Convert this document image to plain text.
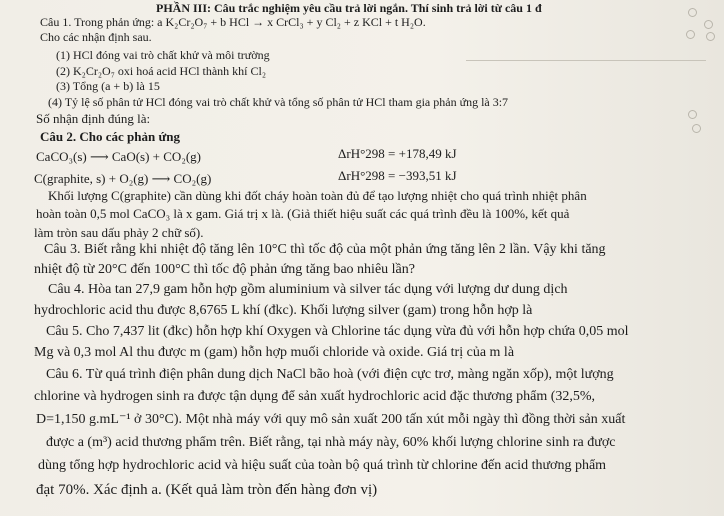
PHẦN III: Câu trắc nghiệm yêu cầu trả lời ngắn. Thí sinh trả lời từ câu 1 đ
Câu 1. Trong phản ứng: a K₂Cr₂O₇ + b HCl → x CrCl₃ + y Cl₂ + z KCl + t H₂O.
Cho các nhận định sau.
(1) HCl đóng vai trò chất khử và môi trường
(2) K₂Cr₂O₇ oxi hoá acid HCl thành khí Cl₂
(3) Tổng (a + b) là 15
(4) Tỷ lệ số phân tử HCl đóng vai trò chất khử và tổng số phân tử HCl tham gia phản ứng là 3:7
Số nhận định đúng là:
Câu 2. Cho các phản ứng
CaCO₃(s) ⟶ CaO(s) + CO₂(g)	ΔrH°298 = +178,49 kJ
C(graphite, s) + O₂(g) ⟶ CO₂(g)	ΔrH°298 = −393,51 kJ
Khối lượng C(graphite) cần dùng khi đốt cháy hoàn toàn đủ để tạo lượng nhiệt cho quá trình nhiệt phân
hoàn toàn 0,5 mol CaCO₃ là x gam. Giá trị x là. (Giả thiết hiệu suất các quá trình đều là 100%, kết quả
làm tròn sau dấu phảy 2 chữ số).
Câu 3. Biết rằng khi nhiệt độ tăng lên 10°C thì tốc độ của một phản ứng tăng lên 2 lần. Vậy khi tăng
nhiệt độ từ 20°C đến 100°C thì tốc độ phản ứng tăng bao nhiêu lần?
Câu 4. Hòa tan 27,9 gam hỗn hợp gồm aluminium và silver tác dụng với lượng dư dung dịch
hydrochloric acid thu được 8,6765 L khí (đkc). Khối lượng silver (gam) trong hỗn hợp là
Câu 5. Cho 7,437 lit (đkc) hỗn hợp khí Oxygen và Chlorine tác dụng vừa đủ với hỗn hợp chứa 0,05 mol
Mg và 0,3 mol Al thu được m (gam) hỗn hợp muối chloride và oxide. Giá trị của m là
Câu 6. Từ quá trình điện phân dung dịch NaCl bão hoà (với điện cực trơ, màng ngăn xốp), một lượng
chlorine và hydrogen sinh ra được tận dụng để sản xuất hydrochloric acid đặc thương phẩm (32,5%,
D=1,150 g.mL⁻¹ ở 30°C). Một nhà máy với quy mô sản xuất 200 tấn xút mỗi ngày thì đồng thời sản xuất
được a (m³) acid thương phẩm trên. Biết rằng, tại nhà máy này, 60% khối lượng chlorine sinh ra được
dùng tổng hợp hydrochloric acid và hiệu suất của toàn bộ quá trình từ chlorine đến acid thương phẩm
đạt 70%. Xác định a. (Kết quả làm tròn đến hàng đơn vị)
